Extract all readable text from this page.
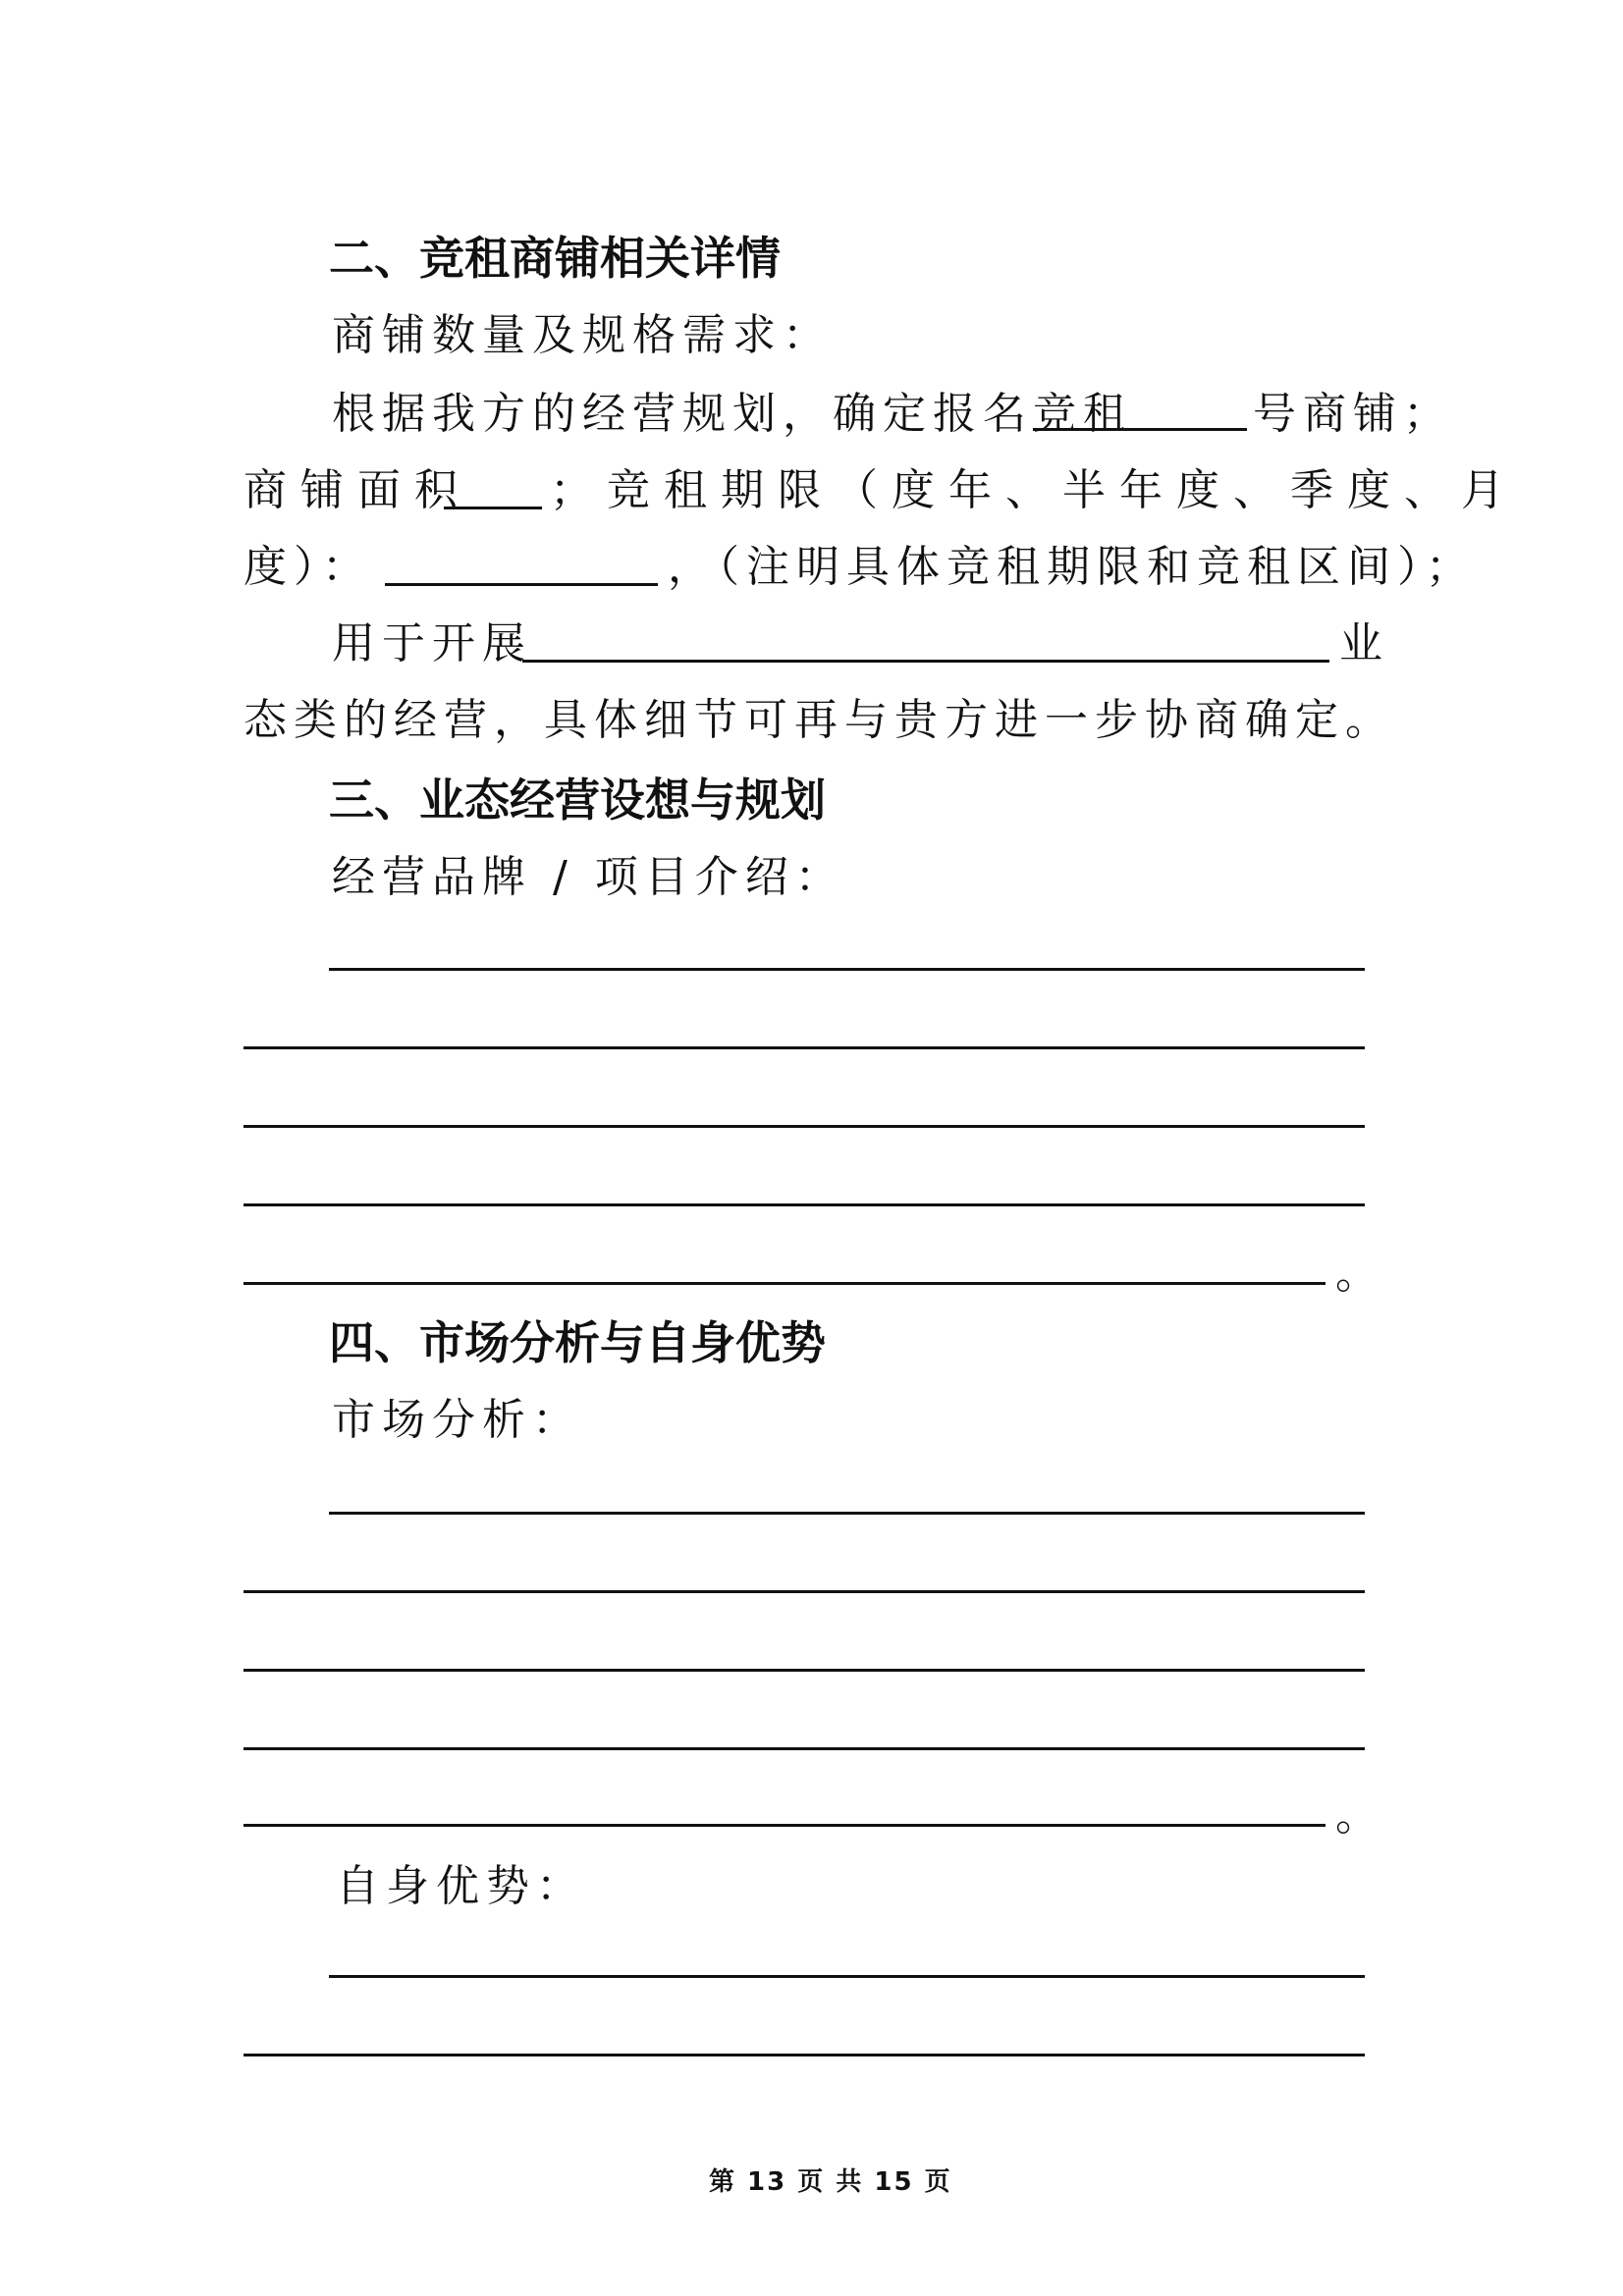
二、竞租商铺相关详情
商铺数量及规格需求：
根据我方的经营规划，确定报名竞租	号商铺；
商铺面积 ；竞租期限（度年、半年度、季度、月
度）：	，（注明具体竞租期限和竞租区间）；
用于开展	业
态类的经营，具体细节可再与贵方进一步协商确定。
三、业态经营设想与规划
经营品牌 / 项目介绍：
。
四、市场分析与自身优势
市场分析：
。
自身优势：
第 13 页 共 15 页
